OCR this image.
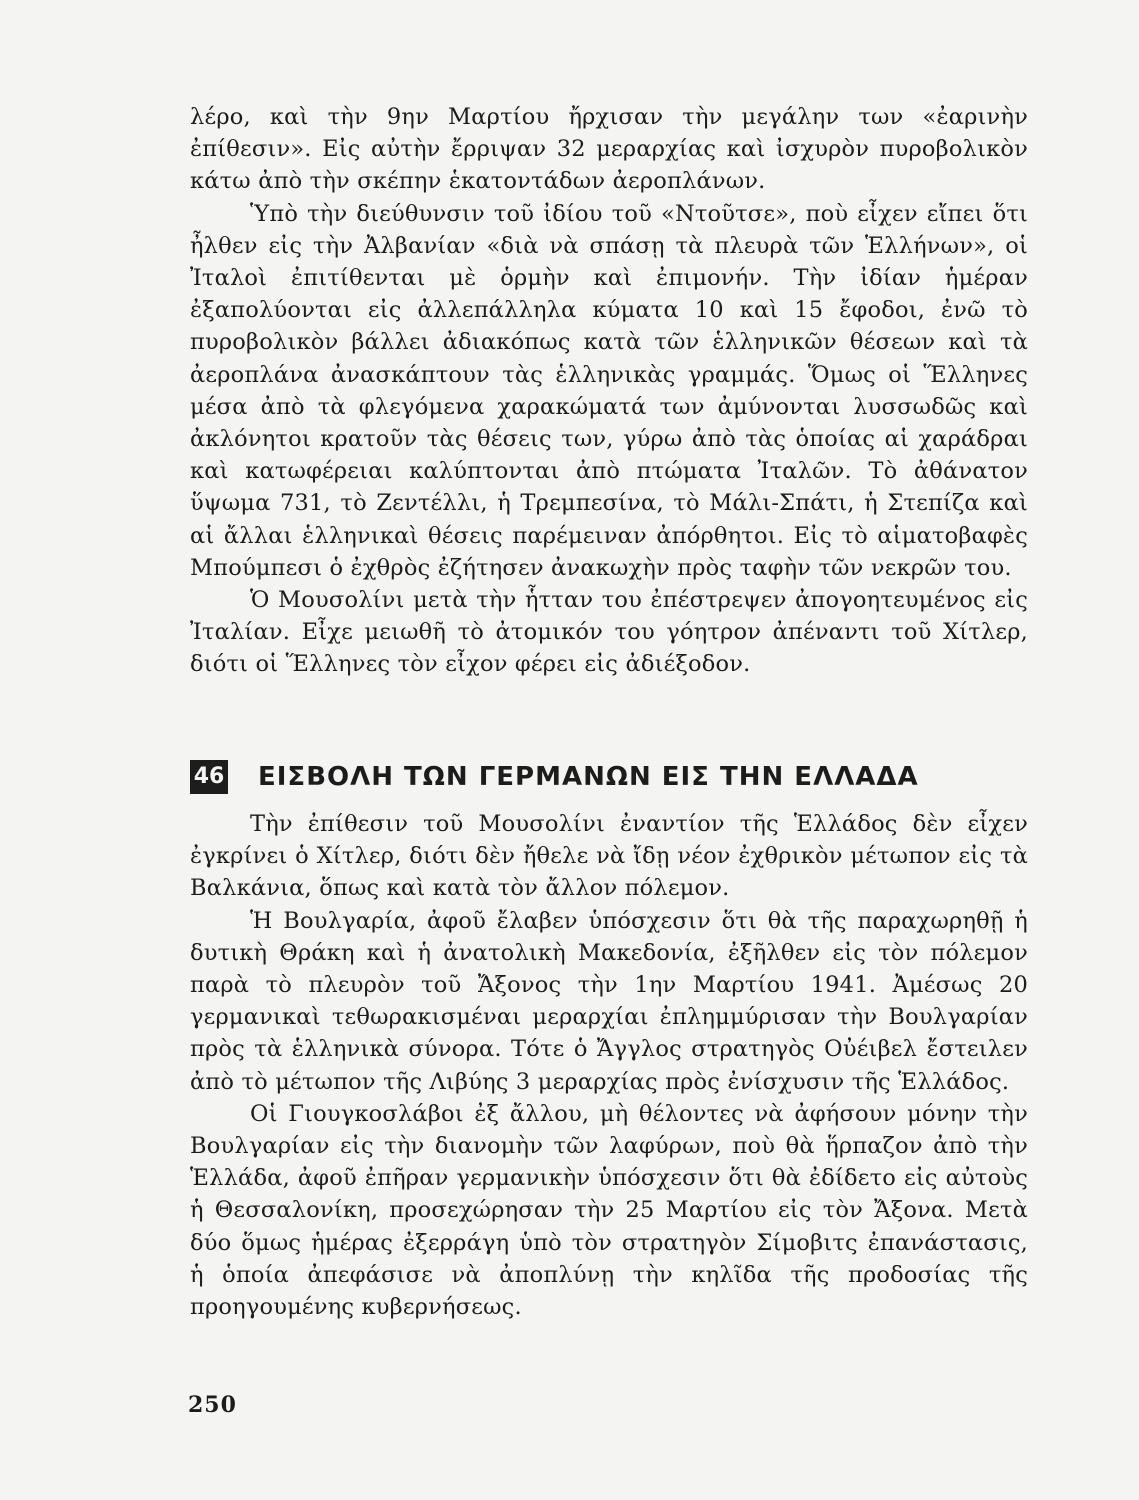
λέρο, καὶ τὴν 9ην Μαρτίου ἤρχισαν τὴν μεγάλην των «ἐαρινὴν ἐπίθεσιν». Εἰς αὐτὴν ἔρριψαν 32 μεραρχίας καὶ ἰσχυρὸν πυροβολικὸν κάτω ἀπὸ τὴν σκέπην ἑκατοντάδων ἀεροπλάνων.

Ὑπὸ τὴν διεύθυνσιν τοῦ ἰδίου τοῦ «Ντοῦτσε», ποὺ εἶχεν εἴπει ὅτι ἦλθεν εἰς τὴν Ἀλβανίαν «διὰ νὰ σπάσῃ τὰ πλευρὰ τῶν Ἑλλήνων», οἱ Ἰταλοὶ ἐπιτίθενται μὲ ὁρμὴν καὶ ἐπιμονήν. Τὴν ἰδίαν ἡμέραν ἐξαπολύονται εἰς ἀλλεπάλληλα κύματα 10 καὶ 15 ἔφοδοι, ἐνῶ τὸ πυροβολικὸν βάλλει ἀδιακόπως κατὰ τῶν ἑλληνικῶν θέσεων καὶ τὰ ἀεροπλάνα ἀνασκάπτουν τὰς ἑλληνικὰς γραμμάς. Ὅμως οἱ Ἕλληνες μέσα ἀπὸ τὰ φλεγόμενα χαρακώματά των ἀμύνονται λυσσωδῶς καὶ ἀκλόνητοι κρατοῦν τὰς θέσεις των, γύρω ἀπὸ τὰς ὁποίας αἱ χαράδραι καὶ κατωφέρειαι καλύπτονται ἀπὸ πτώματα Ἰταλῶν. Τὸ ἀθάνατον ὕψωμα 731, τὸ Ζεντέλλι, ἡ Τρεμπεσίνα, τὸ Μάλι-Σπάτι, ἡ Στεπίζα καὶ αἱ ἄλλαι ἑλληνικαὶ θέσεις παρέμειναν ἀπόρθητοι. Εἰς τὸ αἱματοβαφὲς Μπούμπεσι ὁ ἐχθρὸς ἐζήτησεν ἀνακωχὴν πρὸς ταφὴν τῶν νεκρῶν του.

Ὁ Μουσολίνι μετὰ τὴν ἧτταν του ἐπέστρεψεν ἀπογοητευμένος εἰς Ἰταλίαν. Εἶχε μειωθῆ τὸ ἀτομικόν του γόητρον ἀπέναντι τοῦ Χίτλερ, διότι οἱ Ἕλληνες τὸν εἶχον φέρει εἰς ἀδιέξοδον.

46 ΕΙΣΒΟΛΗ ΤΩΝ ΓΕΡΜΑΝΩΝ ΕΙΣ ΤΗΝ ΕΛΛΑΔΑ

Τὴν ἐπίθεσιν τοῦ Μουσολίνι ἐναντίον τῆς Ἑλλάδος δὲν εἶχεν ἐγκρίνει ὁ Χίτλερ, διότι δὲν ἤθελε νὰ ἴδῃ νέον ἐχθρικὸν μέτωπον εἰς τὰ Βαλκάνια, ὅπως καὶ κατὰ τὸν ἄλλον πόλεμον.

Ἡ Βουλγαρία, ἀφοῦ ἔλαβεν ὑπόσχεσιν ὅτι θὰ τῆς παραχωρηθῇ ἡ δυτικὴ Θράκη καὶ ἡ ἀνατολικὴ Μακεδονία, ἐξῆλθεν εἰς τὸν πόλεμον παρὰ τὸ πλευρὸν τοῦ Ἄξονος τὴν 1ην Μαρτίου 1941. Ἀμέσως 20 γερμανικαὶ τεθωρακισμέναι μεραρχίαι ἐπλημμύρισαν τὴν Βουλγαρίαν πρὸς τὰ ἑλληνικὰ σύνορα. Τότε ὁ Ἄγγλος στρατηγὸς Οὐέιβελ ἔστειλεν ἀπὸ τὸ μέτωπον τῆς Λιβύης 3 μεραρχίας πρὸς ἐνίσχυσιν τῆς Ἑλλάδος.

Οἱ Γιουγκοσλάβοι ἐξ ἄλλου, μὴ θέλοντες νὰ ἀφήσουν μόνην τὴν Βουλγαρίαν εἰς τὴν διανομὴν τῶν λαφύρων, ποὺ θὰ ἥρπαζον ἀπὸ τὴν Ἑλλάδα, ἀφοῦ ἐπῆραν γερμανικὴν ὑπόσχεσιν ὅτι θὰ ἐδίδετο εἰς αὐτοὺς ἡ Θεσσαλονίκη, προσεχώρησαν τὴν 25 Μαρτίου εἰς τὸν Ἄξονα. Μετὰ δύο ὅμως ἡμέρας ἐξερράγη ὑπὸ τὸν στρατηγὸν Σίμοβιτς ἐπανάστασις, ἡ ὁποία ἀπεφάσισε νὰ ἀποπλύνῃ τὴν κηλῖδα τῆς προδοσίας τῆς προηγουμένης κυβερνήσεως.

250
